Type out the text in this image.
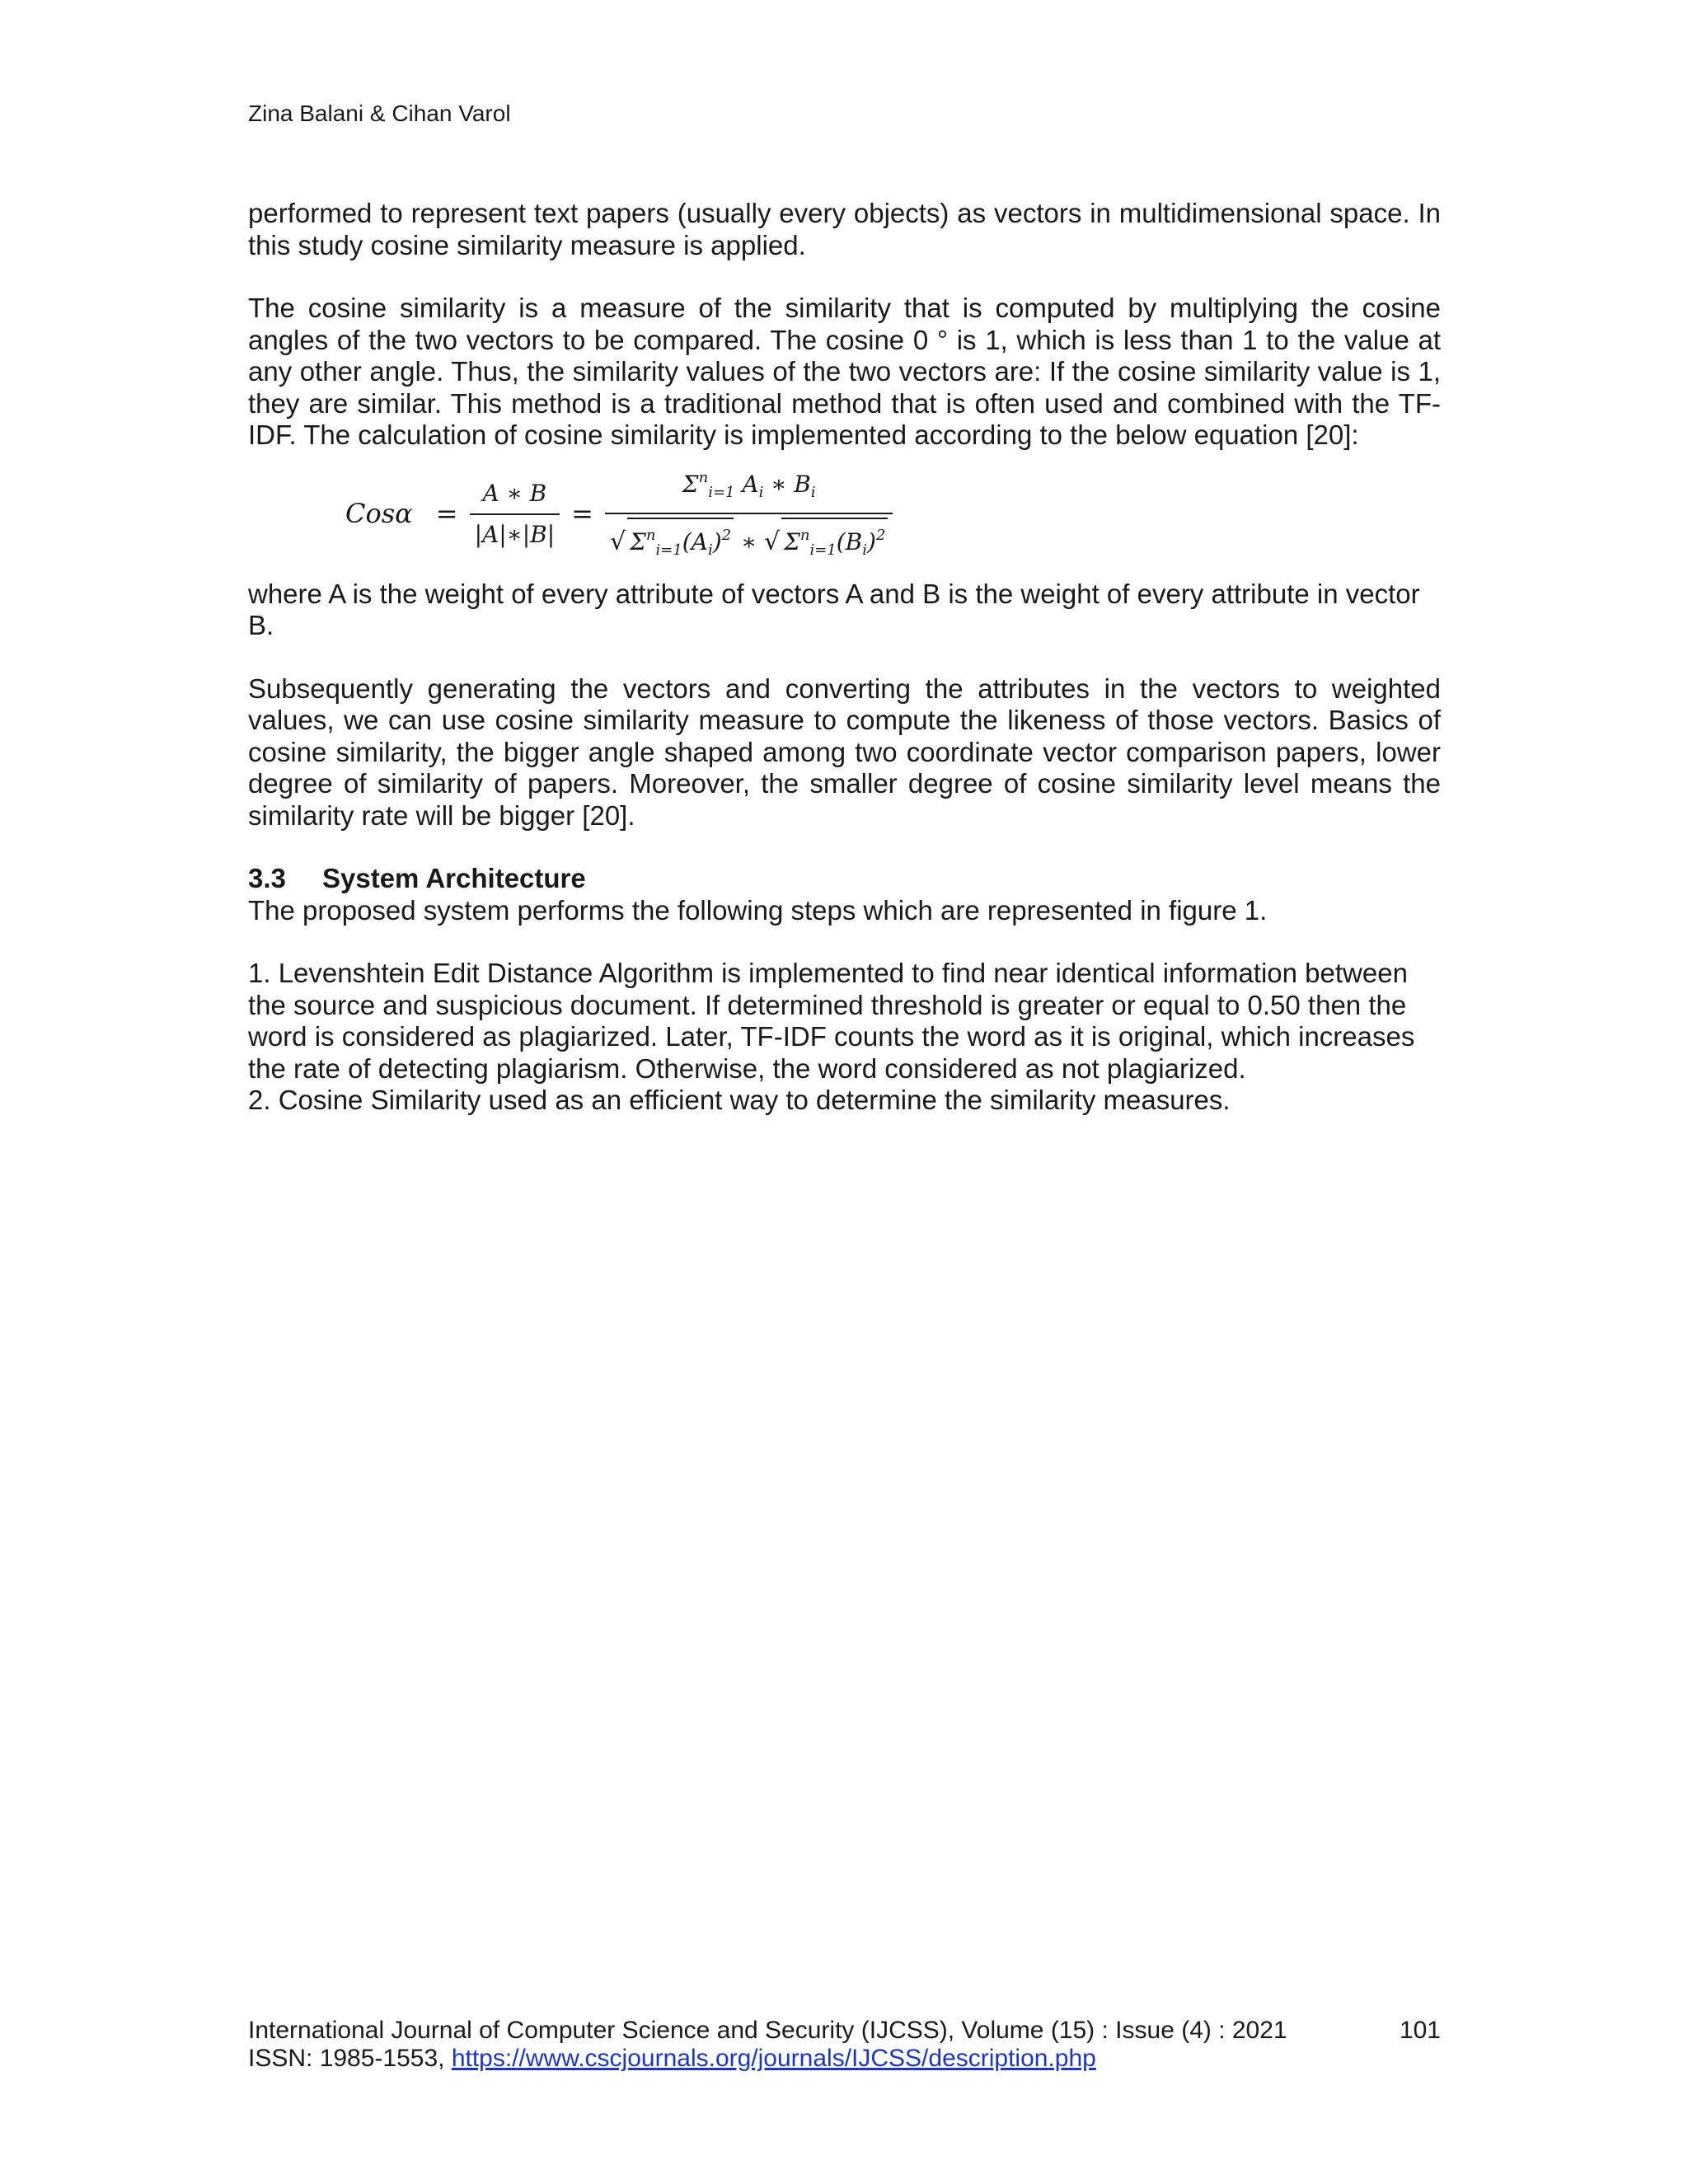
Zina Balani & Cihan Varol

performed to represent text papers (usually every objects) as vectors in multidimensional space. In this study cosine similarity measure is applied.

The cosine similarity is a measure of the similarity that is computed by multiplying the cosine angles of the two vectors to be compared. The cosine 0 ° is 1, which is less than 1 to the value at any other angle. Thus, the similarity values of the two vectors are: If the cosine similarity value is 1, they are similar. This method is a traditional method that is often used and combined with the TF-IDF. The calculation of cosine similarity is implemented according to the below equation [20]:

$Cos\alpha = \frac{A ∗ B}{|A|∗|B|} = \frac{\Sigma^n_{i=1} A_i ∗ B_i}{√ \Sigma^n_{i=1}(A_i)^2 ∗ √ \Sigma^n_{i=1}(B_i)^2}$

where A is the weight of every attribute of vectors A and B is the weight of every attribute in vector B.

Subsequently generating the vectors and converting the attributes in the vectors to weighted values, we can use cosine similarity measure to compute the likeness of those vectors. Basics of cosine similarity, the bigger angle shaped among two coordinate vector comparison papers, lower degree of similarity of papers. Moreover, the smaller degree of cosine similarity level means the similarity rate will be bigger [20].

3.3	System Architecture

The proposed system performs the following steps which are represented in figure 1.

1. Levenshtein Edit Distance Algorithm is implemented to find near identical information between the source and suspicious document. If determined threshold is greater or equal to 0.50 then the word is considered as plagiarized. Later, TF-IDF counts the word as it is original, which increases the rate of detecting plagiarism. Otherwise, the word considered as not plagiarized.

2. Cosine Similarity used as an efficient way to determine the similarity measures.

International Journal of Computer Science and Security (IJCSS), Volume (15) : Issue (4) : 2021	101
ISSN: 1985-1553, https://www.cscjournals.org/journals/IJCSS/description.php
